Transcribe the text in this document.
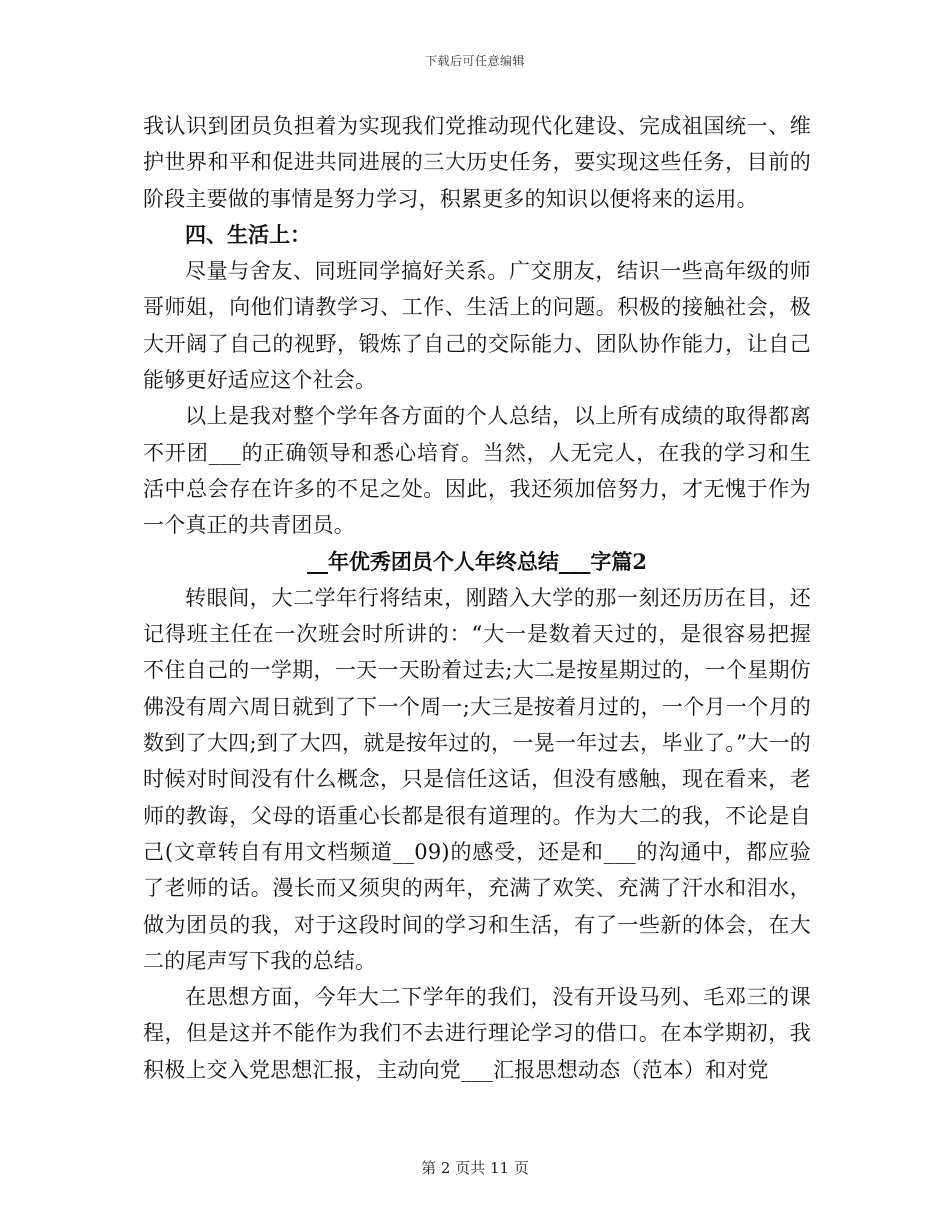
下载后可任意编辑

我认识到团员负担着为实现我们党推动现代化建设、完成祖国统一、维护世界和平和促进共同进展的三大历史任务，要实现这些任务，目前的阶段主要做的事情是努力学习，积累更多的知识以便将来的运用。

四、生活上：

尽量与舍友、同班同学搞好关系。广交朋友，结识一些高年级的师哥师姐，向他们请教学习、工作、生活上的问题。积极的接触社会，极大开阔了自己的视野，锻炼了自己的交际能力、团队协作能力，让自己能够更好适应这个社会。

以上是我对整个学年各方面的个人总结，以上所有成绩的取得都离不开团___的正确领导和悉心培育。当然，人无完人，在我的学习和生活中总会存在许多的不足之处。因此，我还须加倍努力，才无愧于作为一个真正的共青团员。

__年优秀团员个人年终总结___字篇2

转眼间，大二学年行将结束，刚踏入大学的那一刻还历历在目，还记得班主任在一次班会时所讲的：“大一是数着天过的，是很容易把握不住自己的一学期，一天一天盼着过去;大二是按星期过的，一个星期仿佛没有周六周日就到了下一个周一;大三是按着月过的，一个月一个月的数到了大四;到了大四，就是按年过的，一晃一年过去，毕业了。”大一的时候对时间没有什么概念，只是信任这话，但没有感触，现在看来，老师的教诲，父母的语重心长都是很有道理的。作为大二的我，不论是自己(文章转自有用文档频道__09)的感受，还是和___的沟通中，都应验了老师的话。漫长而又须臾的两年，充满了欢笑、充满了汗水和泪水，做为团员的我，对于这段时间的学习和生活，有了一些新的体会，在大二的尾声写下我的总结。

在思想方面，今年大二下学年的我们，没有开设马列、毛邓三的课程，但是这并不能作为我们不去进行理论学习的借口。在本学期初，我积极上交入党思想汇报，主动向党___汇报思想动态（范本）和对党

第 2 页共 11 页
